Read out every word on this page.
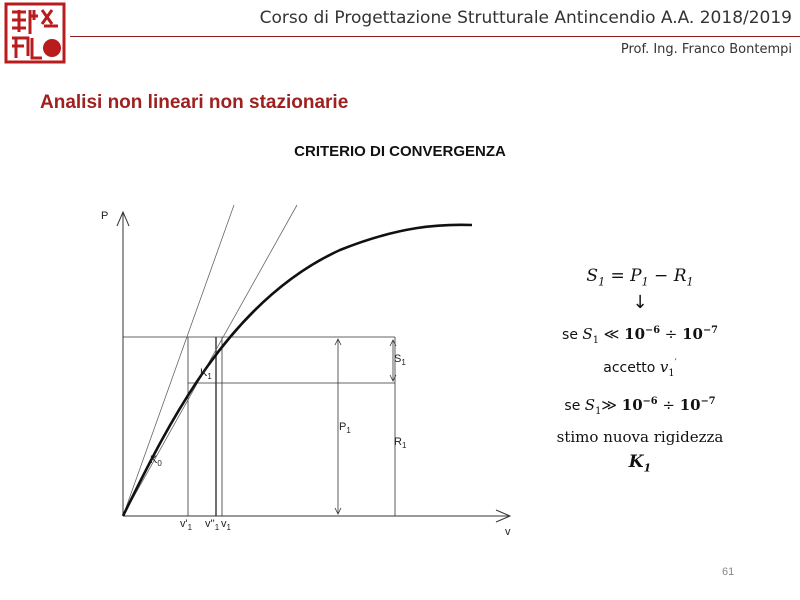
Corso di Progettazione Strutturale Antincendio A.A. 2018/2019
Prof. Ing. Franco Bontempi
Analisi non lineari non stazionarie
CRITERIO DI CONVERGENZA
P
v
$K_0$
$K_1$
$S_1$
$P_1$
$R_1$
$v'_1$ $v''_1$ $v_1$
$S_1 = P_1 - R_1$
↓
se $S_1$ ≪ $10^{-6} \div 10^{-7}$
accetto $v_1'$
se $S_1≫$ $10^{-6} \div 10^{-7}$
stimo nuova rigidezza
$K_1$
61
